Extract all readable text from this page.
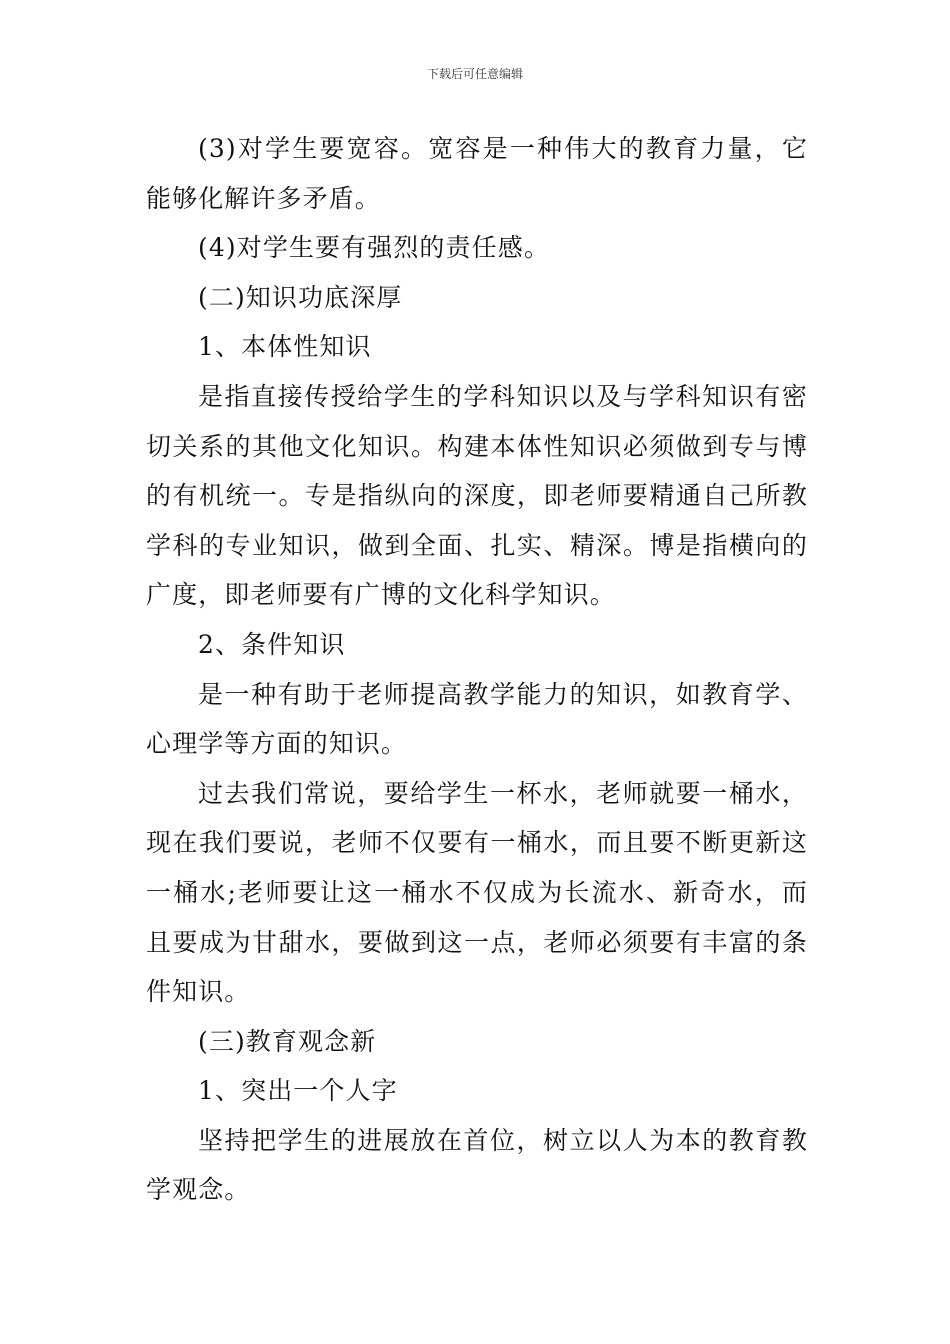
下载后可任意编辑

(3)对学生要宽容。宽容是一种伟大的教育力量，它能够化解许多矛盾。

(4)对学生要有强烈的责任感。

(二)知识功底深厚

1、本体性知识

是指直接传授给学生的学科知识以及与学科知识有密切关系的其他文化知识。构建本体性知识必须做到专与博的有机统一。专是指纵向的深度，即老师要精通自己所教学科的专业知识，做到全面、扎实、精深。博是指横向的广度，即老师要有广博的文化科学知识。

2、条件知识

是一种有助于老师提高教学能力的知识，如教育学、心理学等方面的知识。

过去我们常说，要给学生一杯水，老师就要一桶水，现在我们要说，老师不仅要有一桶水，而且要不断更新这一桶水;老师要让这一桶水不仅成为长流水、新奇水，而且要成为甘甜水，要做到这一点，老师必须要有丰富的条件知识。

(三)教育观念新

1、突出一个人字

坚持把学生的进展放在首位，树立以人为本的教育教学观念。
